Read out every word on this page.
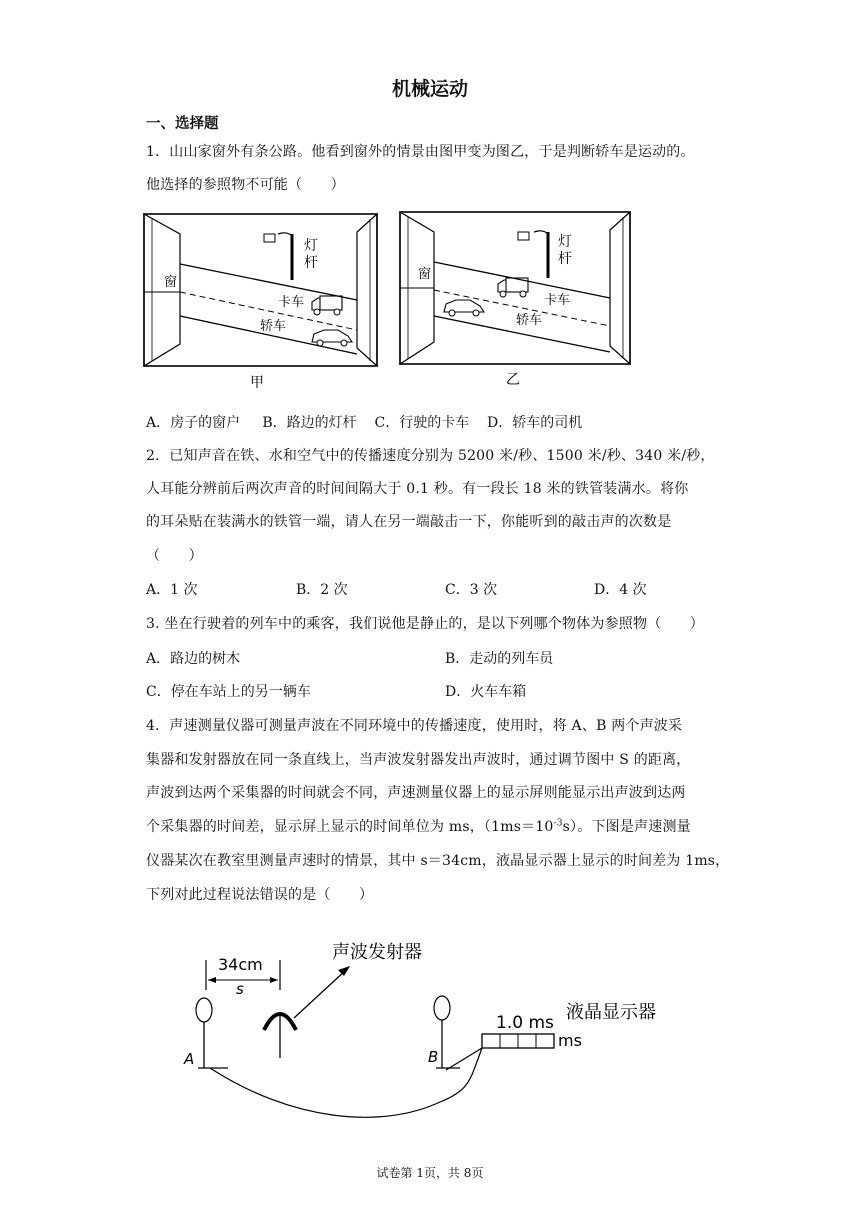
机械运动
一、选择题
1．山山家窗外有条公路。他看到窗外的情景由图甲变为图乙，于是判断轿车是运动的。
他选择的参照物不可能（　　）
灯
杆
窗
卡车
轿车
甲
灯
杆
窗
卡车
轿车
乙
A．房子的窗户 B．路边的灯杆 C．行驶的卡车 D．轿车的司机
2．已知声音在铁、水和空气中的传播速度分别为 5200 米/秒、1500 米/秒、340 米/秒，
人耳能分辨前后两次声音的时间间隔大于 0.1 秒。有一段长 18 米的铁管装满水。将你
的耳朵贴在装满水的铁管一端，请人在另一端敲击一下，你能听到的敲击声的次数是
（　　）
A．1 次	B．2 次	C．3 次	D．4 次
3. 坐在行驶着的列车中的乘客，我们说他是静止的，是以下列哪个物体为参照物（　　）
A．路边的树木	B．走动的列车员
C．停在车站上的另一辆车	D．火车车箱
4．声速测量仪器可测量声波在不同环境中的传播速度，使用时，将 A、B 两个声波采
集器和发射器放在同一条直线上，当声波发射器发出声波时，通过调节图中 S 的距离，
声波到达两个采集器的时间就会不同，声速测量仪器上的显示屏则能显示出声波到达两
个采集器的时间差，显示屏上显示的时间单位为 ms，$(1ms=10^{-3}s)$。下图是声速测量
仪器某次在教室里测量声速时的情景，其中 s＝34cm，液晶显示器上显示的时间差为 1ms，
下列对此过程说法错误的是（　　）
34cm
s
A
声波发射器
B
1.0 ms
ms
液晶显示器
试卷第 1页，共 8页
